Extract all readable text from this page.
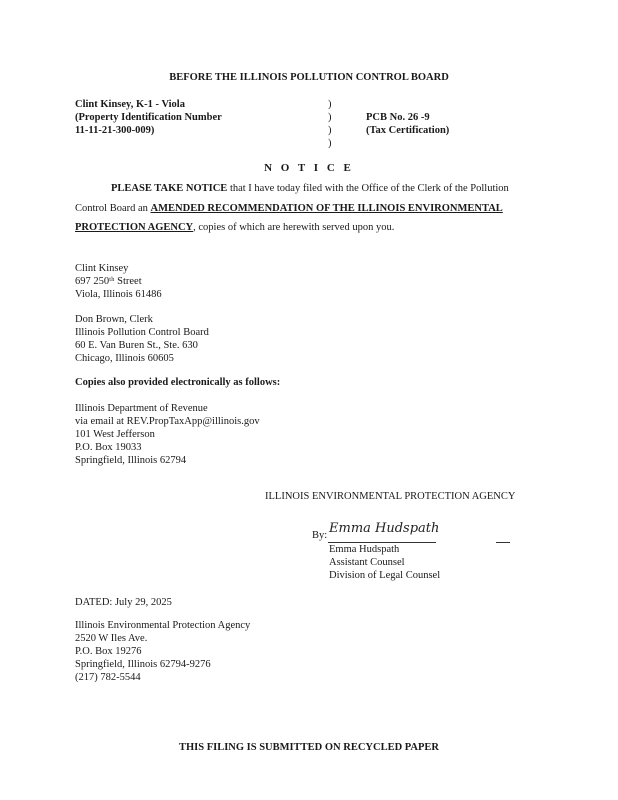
BEFORE THE ILLINOIS POLLUTION CONTROL BOARD
Clint Kinsey, K-1 - Viola
(Property Identification Number
11-11-21-300-009)
)
)
)
)
PCB No. 26 -9
(Tax Certification)
N O T I C E
PLEASE TAKE NOTICE that I have today filed with the Office of the Clerk of the Pollution
Control Board an AMENDED RECOMMENDATION OF THE ILLINOIS ENVIRONMENTAL
PROTECTION AGENCY, copies of which are herewith served upon you.
Clint Kinsey
697 250ᵗʰ Street
Viola, Illinois 61486
Don Brown, Clerk
Illinois Pollution Control Board
60 E. Van Buren St., Ste. 630
Chicago, Illinois 60605
Copies also provided electronically as follows:
Illinois Department of Revenue
via email at REV.PropTaxApp@illinois.gov
101 West Jefferson
P.O. Box 19033
Springfield, Illinois 62794
ILLINOIS ENVIRONMENTAL PROTECTION AGENCY
By: Emma Hudspath
Emma Hudspath
Assistant Counsel
Division of Legal Counsel
DATED: July 29, 2025
Illinois Environmental Protection Agency
2520 W Iles Ave.
P.O. Box 19276
Springfield, Illinois 62794-9276
(217) 782-5544
THIS FILING IS SUBMITTED ON RECYCLED PAPER
